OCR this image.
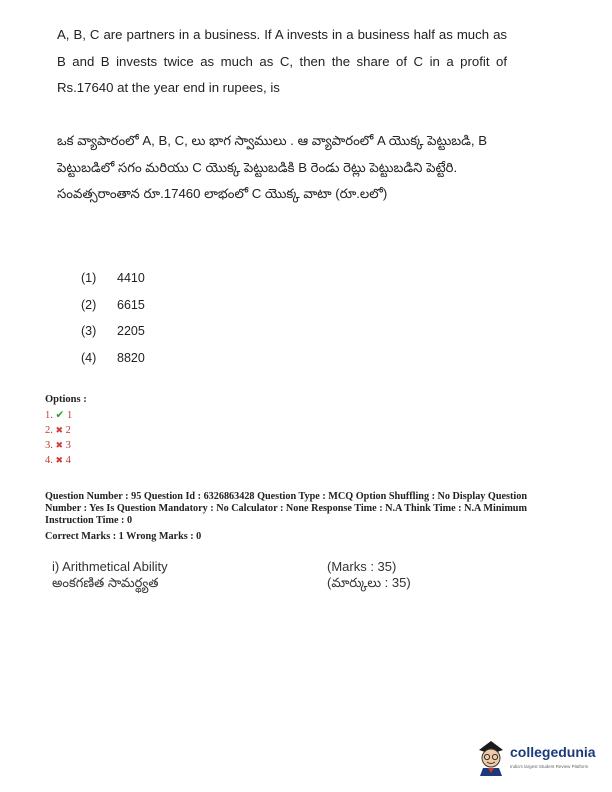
A, B, C are partners in a business. If A invests in a business half as much as B and B invests twice as much as C, then the share of C in a profit of Rs.17640 at the year end in rupees, is
ఒక వ్యాపారంలో A, B, C, లు భాగ స్వాములు . ఆ వ్యాపారంలో A యొక్క పెట్టుబడి, B పెట్టుబడిలో సగం మరియు C యొక్క పెట్టుబడికి B రెండు రెట్లు పెట్టుబడిని పెట్టేరి. సంవత్సరాంతాన రూ.17460 లాభంలో C యొక్క వాటా (రూ.లలో)
(1) 4410
(2) 6615
(3) 2205
(4) 8820
Options :
1. ✔ 1
2. ✖ 2
3. ✖ 3
4. ✖ 4
Question Number : 95 Question Id : 6326863428 Question Type : MCQ Option Shuffling : No Display Question Number : Yes Is Question Mandatory : No Calculator : None Response Time : N.A Think Time : N.A Minimum Instruction Time : 0
Correct Marks : 1 Wrong Marks : 0
i) Arithmetical Ability
అంకగణిత సామర్థ్యత
(Marks : 35)
(మార్కులు : 35)
collegedunia
India's largest Student Review Platform
